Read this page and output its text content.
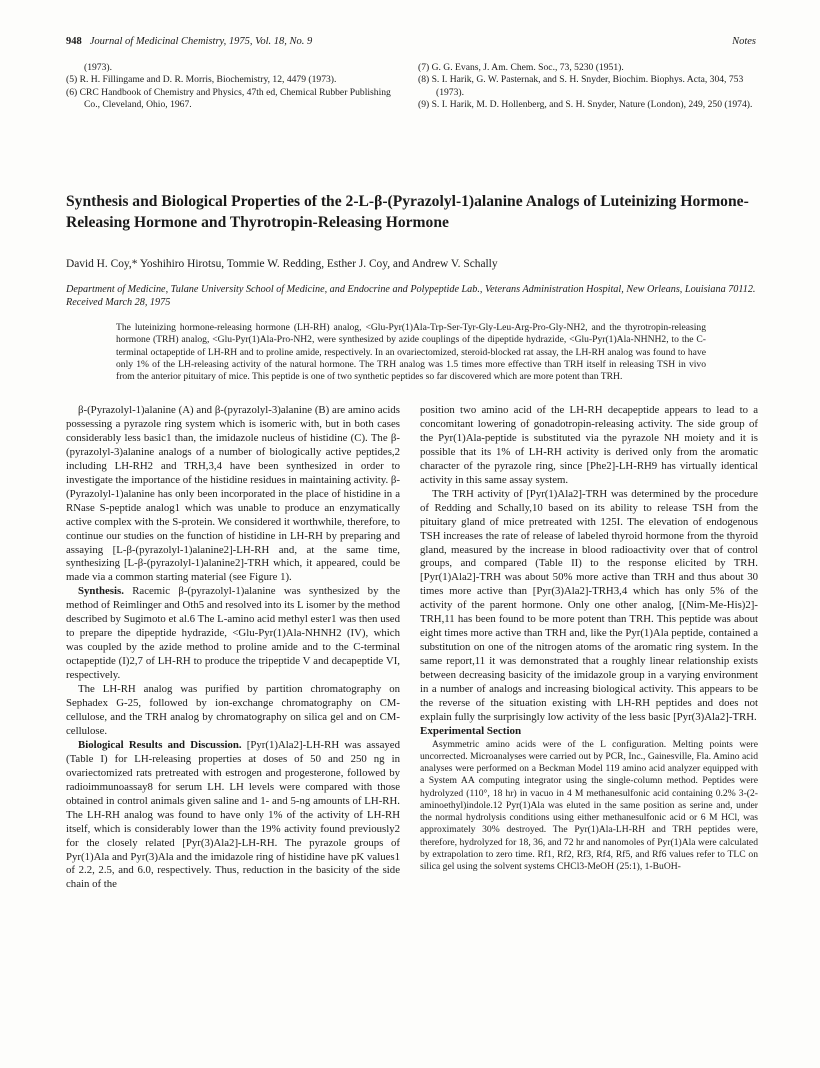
948 Journal of Medicinal Chemistry, 1975, Vol. 18, No. 9	Notes

(1973).

(5) R. H. Fillingame and D. R. Morris, Biochemistry, 12, 4479 (1973).

(6) CRC Handbook of Chemistry and Physics, 47th ed, Chemical Rubber Publishing Co., Cleveland, Ohio, 1967.

(7) G. G. Evans, J. Am. Chem. Soc., 73, 5230 (1951).

(8) S. I. Harik, G. W. Pasternak, and S. H. Snyder, Biochim. Biophys. Acta, 304, 753 (1973).

(9) S. I. Harik, M. D. Hollenberg, and S. H. Snyder, Nature (London), 249, 250 (1974).

Synthesis and Biological Properties of the 2-L-β-(Pyrazolyl-1)alanine Analogs of Luteinizing Hormone-Releasing Hormone and Thyrotropin-Releasing Hormone
David H. Coy,* Yoshihiro Hirotsu, Tommie W. Redding, Esther J. Coy, and Andrew V. Schally
Department of Medicine, Tulane University School of Medicine, and Endocrine and Polypeptide Lab., Veterans Administration Hospital, New Orleans, Louisiana 70112. Received March 28, 1975

The luteinizing hormone-releasing hormone (LH-RH) analog, <Glu-Pyr(1)Ala-Trp-Ser-Tyr-Gly-Leu-Arg-Pro-Gly-NH2, and the thyrotropin-releasing hormone (TRH) analog, <Glu-Pyr(1)Ala-Pro-NH2, were synthesized by azide couplings of the dipeptide hydrazide, <Glu-Pyr(1)Ala-NHNH2, to the C-terminal octapeptide of LH-RH and to proline amide, respectively. In an ovariectomized, steroid-blocked rat assay, the LH-RH analog was found to have only 1% of the LH-releasing activity of the natural hormone. The TRH analog was 1.5 times more effective than TRH itself in releasing TSH in vivo from the anterior pituitary of mice. This peptide is one of two synthetic peptides so far discovered which are more potent than TRH.

β-(Pyrazolyl-1)alanine (A) and β-(pyrazolyl-3)alanine (B) are amino acids possessing a pyrazole ring system which is isomeric with, but in both cases considerably less basic1 than, the imidazole nucleus of histidine (C). The β-(pyrazolyl-3)alanine analogs of a number of biologically active peptides,2 including LH-RH2 and TRH,3,4 have been synthesized in order to investigate the importance of the histidine residues in maintaining activity. β-(Pyrazolyl-1)alanine has only been incorporated in the place of histidine in a RNase S-peptide analog1 which was unable to produce an enzymatically active complex with the S-protein. We considered it worthwhile, therefore, to continue our studies on the function of histidine in LH-RH by preparing and assaying [L-β-(pyrazolyl-1)alanine2]-LH-RH and, at the same time, synthesizing [L-β-(pyrazolyl-1)alanine2]-TRH which, it appeared, could be made via a common starting material (see Figure 1).

Synthesis. Racemic β-(pyrazolyl-1)alanine was synthesized by the method of Reimlinger and Oth5 and resolved into its L isomer by the method described by Sugimoto et al.6 The L-amino acid methyl ester1 was then used to prepare the dipeptide hydrazide, <Glu-Pyr(1)Ala-NHNH2 (IV), which was coupled by the azide method to proline amide and to the C-terminal octapeptide (I)2,7 of LH-RH to produce the tripeptide V and decapeptide VI, respectively.

The LH-RH analog was purified by partition chromatography on Sephadex G-25, followed by ion-exchange chromatography on CM-cellulose, and the TRH analog by chromatography on silica gel and on CM-cellulose.

Biological Results and Discussion. [Pyr(1)Ala2]-LH-RH was assayed (Table I) for LH-releasing properties at doses of 50 and 250 ng in ovariectomized rats pretreated with estrogen and progesterone, followed by radioimmunoassay8 for serum LH. LH levels were compared with those obtained in control animals given saline and 1- and 5-ng amounts of LH-RH. The LH-RH analog was found to have only 1% of the activity of LH-RH itself, which is considerably lower than the 19% activity found previously2 for the closely related [Pyr(3)Ala2]-LH-RH. The pyrazole groups of Pyr(1)Ala and Pyr(3)Ala and the imidazole ring of histidine have pK values1 of 2.2, 2.5, and 6.0, respectively. Thus, reduction in the basicity of the side chain of the

position two amino acid of the LH-RH decapeptide appears to lead to a concomitant lowering of gonadotropin-releasing activity. The side group of the Pyr(1)Ala-peptide is substituted via the pyrazole NH moiety and it is possible that its 1% of LH-RH activity is derived only from the aromatic character of the pyrazole ring, since [Phe2]-LH-RH9 has virtually identical activity in this same assay system.

The TRH activity of [Pyr(1)Ala2]-TRH was determined by the procedure of Redding and Schally,10 based on its ability to release TSH from the pituitary gland of mice pretreated with 125I. The elevation of endogenous TSH increases the rate of release of labeled thyroid hormone from the thyroid gland, measured by the increase in blood radioactivity over that of control groups, and compared (Table II) to the response elicited by TRH. [Pyr(1)Ala2]-TRH was about 50% more active than TRH and thus about 30 times more active than [Pyr(3)Ala2]-TRH3,4 which has only 5% of the activity of the parent hormone. Only one other analog, [(Nim-Me-His)2]-TRH,11 has been found to be more potent than TRH. This peptide was about eight times more active than TRH and, like the Pyr(1)Ala peptide, contained a substitution on one of the nitrogen atoms of the aromatic ring system. In the same report,11 it was demonstrated that a roughly linear relationship exists between decreasing basicity of the imidazole group in a varying environment in a number of analogs and increasing biological activity. This appears to be the reverse of the situation existing with LH-RH peptides and does not explain fully the surprisingly low activity of the less basic [Pyr(3)Ala2]-TRH.

Experimental Section

Asymmetric amino acids were of the L configuration. Melting points were uncorrected. Microanalyses were carried out by PCR, Inc., Gainesville, Fla. Amino acid analyses were performed on a Beckman Model 119 amino acid analyzer equipped with a System AA computing integrator using the single-column method. Peptides were hydrolyzed (110°, 18 hr) in vacuo in 4 M methanesulfonic acid containing 0.2% 3-(2-aminoethyl)indole.12 Pyr(1)Ala was eluted in the same position as serine and, under the normal hydrolysis conditions using either methanesulfonic acid or 6 M HCl, was approximately 30% destroyed. The Pyr(1)Ala-LH-RH and TRH peptides were, therefore, hydrolyzed for 18, 36, and 72 hr and nanomoles of Pyr(1)Ala were calculated by extrapolation to zero time. Rf1, Rf2, Rf3, Rf4, Rf5, and Rf6 values refer to TLC on silica gel using the solvent systems CHCl3-MeOH (25:1), 1-BuOH-
